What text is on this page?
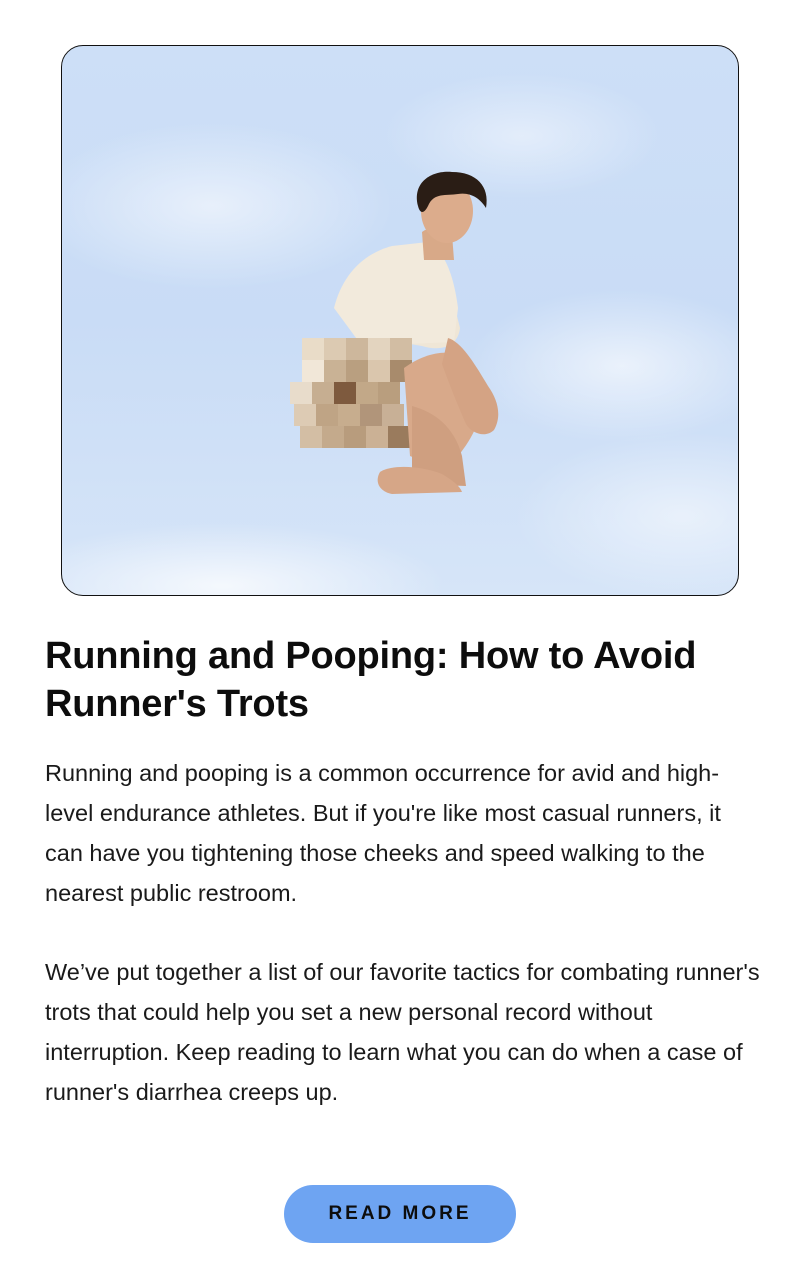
Running and Pooping: How to Avoid Runner's Trots

Running and pooping is a common occurrence for avid and high-level endurance athletes. But if you're like most casual runners, it can have you tightening those cheeks and speed walking to the nearest public restroom.

We’ve put together a list of our favorite tactics for combating runner's trots that could help you set a new personal record without interruption. Keep reading to learn what you can do when a case of runner's diarrhea creeps up.

READ MORE
